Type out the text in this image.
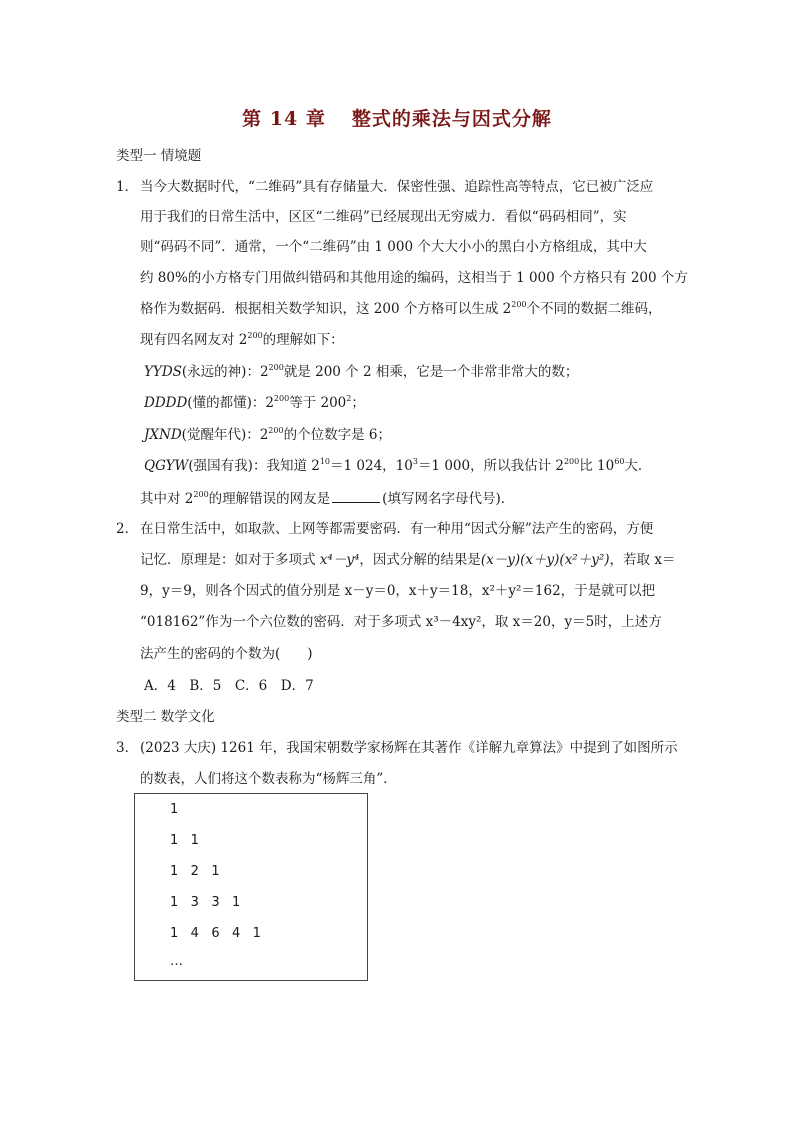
第 14 章 整式的乘法与因式分解
类型一 情境题
1． 当今大数据时代，“二维码”具有存储量大．保密性强、追踪性高等特点，它已被广泛应
用于我们的日常生活中，区区“二维码”已经展现出无穷威力．看似“码码相同”，实
则“码码不同”．通常，一个“二维码”由 1 000 个大大小小的黑白小方格组成，其中大
约 80%的小方格专门用做纠错码和其他用途的编码，这相当于 1 000 个方格只有 200 个方
格作为数据码．根据相关数学知识，这 200 个方格可以生成 $2^{200}$个不同的数据二维码，
现有四名网友对 $2^{200}$的理解如下：
YYDS(永远的神)：$2^{200}$就是 200 个 2 相乘，它是一个非常非常大的数；
DDDD(懂的都懂)：$2^{200}$等于 $200^2$；
JXND(觉醒年代)：$2^{200}$的个位数字是 6；
QGYW(强国有我)：我知道 $2^{10}=1$ 024，$10^3=1$ 000，所以我估计 $2^{200}$比 $10^{60}$大．
其中对 $2^{200}$的理解错误的网友是	(填写网名字母代号)．
2． 在日常生活中，如取款、上网等都需要密码．有一种用“因式分解”法产生的密码，方便
记忆．原理是：如对于多项式 x⁴－y⁴，因式分解的结果是(x－y)(x＋y)(x²＋y²)，若取 x＝
9，y＝9，则各个因式的值分别是 x－y＝0，x＋y＝18，x²＋y²＝162，于是就可以把
“018162”作为一个六位数的密码．对于多项式 x³－4xy²，取 x＝20，y＝5时，上述方
法产生的密码的个数为(　　)
A．4　B．5　C．6　D．7
类型二 数学文化
3． (2023 大庆) 1261 年，我国宋朝数学家杨辉在其著作《详解九章算法》中提到了如图所示
的数表，人们将这个数表称为“杨辉三角”．
1
1   1
1   2   1
1   3   3   1
1   4   6   4   1
…
